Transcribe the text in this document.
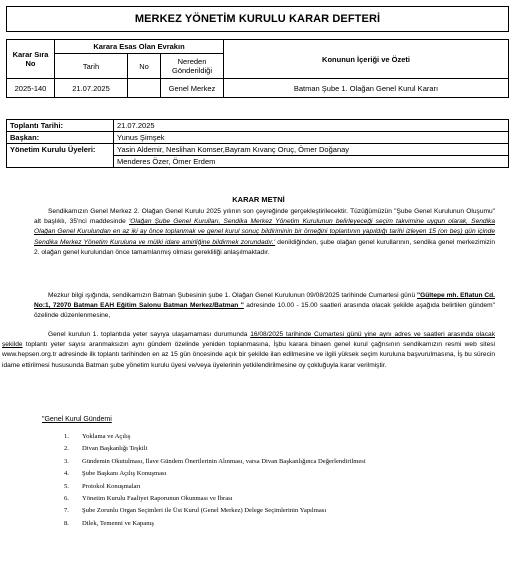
MERKEZ YÖNETİM KURULU KARAR DEFTERİ
Karar Sıra No	Karara Esas Olan Evrakın			Konunun İçeriği ve Özeti
	Tarih	No	Nereden Gönderildiği	
2025-140	21.07.2025		Genel Merkez	Batman Şube 1. Olağan Genel Kurul Kararı
Toplantı Tarihi:	21.07.2025
Başkan:	Yunus Şimşek
Yönetim Kurulu Üyeleri:	Yasin Aldemir, Neslihan Komser,Bayram Kıvanç Oruç, Ömer Doğanay
	Menderes Özer, Ömer Erdem
KARAR METNİ
Sendikamızın Genel Merkez 2. Olağan Genel Kurulu 2025 yılının son çeyreğinde gerçekleştirilecektir. Tüzüğümüzün "Şube Genel Kurulunun Oluşumu" alt başlıklı, 35'nci maddesinde 'Olağan Şube Genel Kurulları, Sendika Merkez Yönetim Kurulunun belirleyeceği seçim takvimine uygun olarak, Sendika Olağan Genel Kurulundan en az iki ay önce toplanmak ve genel kurul sonuç bildiriminin bir örneğini toplantının yapıldığı tarihi izleyen 15 (on beş) gün içinde Sendika Merkez Yönetim Kuruluna ve mülki idare amirliğine bildirmek zorundadır.' denildiğinden, şube olağan genel kurullarının, sendika genel merkezimizin 2. olağan genel kurulundan önce tamamlanmış olması gerekliliği anlaşılmaktadır.
Mezkur bilgi ışığında, sendikamızın Batman Şubesinin şube 1. Olağan Genel Kurulunun 09/08/2025 tarihinde Cumartesi günü "Gültepe mh. Eflatun Cd. No:1, 72070 Batman EAH Eğitim Salonu Batman Merkez/Batman " adresinde 10.00 - 15.00 saatleri arasında olacak şekilde aşağıda belirtilen gündem" özelinde düzenlenmesine,
Genel kurulun 1. toplantıda yeter sayıya ulaşamaması durumunda 16/08/2025 tarihinde Cumartesi günü yine aynı adres ve saatleri arasında olacak şekilde toplantı yeter sayısı aranmaksızın aynı gündem özelinde yeniden toplanmasına, İşbu karara binaen genel kurul çağrısının sendikamızın resmi web sitesi www.hepsen.org.tr adresinde ilk toplantı tarihinden en az 15 gün öncesinde açık bir şekilde ilan edilmesine ve ilgili yüksek seçim kuruluna başvurulmasına, İş bu sürecin idame ettirilmesi hususunda Batman şube yönetim kurulu üyesi ve/veya üyelerinin yetkilendirilmesine oy çokluğuyla karar verilmiştir.
"Genel Kurul Gündemi
1.	Yoklama ve Açılış
2.	Divan Başkanlığı Teşkili
3.	Gündemin Okutulması, İlave Gündem Önerilerinin Alınması, varsa Divan Başkanlığınca Değerlendirilmesi
4.	Şube Başkanı Açılış Konuşması
5.	Protokol Konuşmaları
6.	Yönetim Kurulu Faaliyet Raporunun Okunması ve İbrası
7.	Şube Zorunlu Organ Seçimleri ile Üst Kurul (Genel Merkez) Delege Seçimlerinin Yapılması
8.	Dilek, Temenni ve Kapanış
